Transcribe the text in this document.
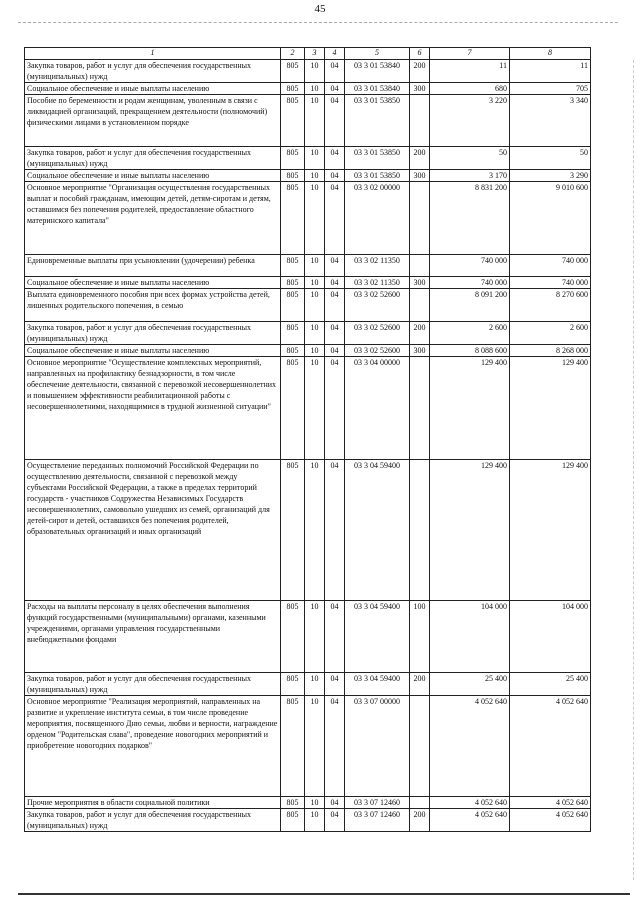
45
1	2	3	4	5	6	7	8
Закупка товаров, работ и услуг для обеспечения государственных (муниципальных) нужд	805	10	04	03 3 01 53840	200	11	11
Социальное обеспечение и иные выплаты населению	805	10	04	03 3 01 53840	300	680	705
Пособие по беременности и родам женщинам, уволенным в связи с ликвидацией организаций, прекращением деятельности (полномочий) физическими лицами в установленном порядке	805	10	04	03 3 01 53850		3 220	3 340
Закупка товаров, работ и услуг для обеспечения государственных (муниципальных) нужд	805	10	04	03 3 01 53850	200	50	50
Социальное обеспечение и иные выплаты населению	805	10	04	03 3 01 53850	300	3 170	3 290
Основное мероприятие "Организация осуществления государственных выплат и пособий гражданам, имеющим детей, детям-сиротам и детям, оставшимся без попечения родителей, предоставление областного материнского капитала"	805	10	04	03 3 02 00000		8 831 200	9 010 600
Единовременные выплаты при усыновлении (удочерении) ребенка	805	10	04	03 3 02 11350		740 000	740 000
Социальное обеспечение и иные выплаты населению	805	10	04	03 3 02 11350	300	740 000	740 000
Выплата единовременного пособия при всех формах устройства детей, лишенных родительского попечения, в семью	805	10	04	03 3 02 52600		8 091 200	8 270 600
Закупка товаров, работ и услуг для обеспечения государственных (муниципальных) нужд	805	10	04	03 3 02 52600	200	2 600	2 600
Социальное обеспечение и иные выплаты населению	805	10	04	03 3 02 52600	300	8 088 600	8 268 000
Основное мероприятие "Осуществление комплексных мероприятий, направленных на профилактику безнадзорности, в том числе обеспечение деятельности, связанной с перевозкой несовершеннолетних и повышением эффективности реабилитационной работы с несовершеннолетними, находящимися в трудной жизненной ситуации"	805	10	04	03 3 04 00000		129 400	129 400
Осуществление переданных полномочий Российской Федерации по осуществлению деятельности, связанной с перевозкой между субъектами Российской Федерации, а также в пределах территорий государств - участников Содружества Независимых Государств несовершеннолетних, самовольно ушедших из семей, организаций для детей-сирот и детей, оставшихся без попечения родителей, образовательных организаций и иных организаций	805	10	04	03 3 04 59400		129 400	129 400
Расходы на выплаты персоналу в целях обеспечения выполнения функций государственными (муниципальными) органами, казенными учреждениями, органами управления государственными внебюджетными фондами	805	10	04	03 3 04 59400	100	104 000	104 000
Закупка товаров, работ и услуг для обеспечения государственных (муниципальных) нужд	805	10	04	03 3 04 59400	200	25 400	25 400
Основное мероприятие "Реализация мероприятий, направленных на развитие и укрепление института семьи, в том числе проведение мероприятия, посвященного Дню семьи, любви и верности, награждение орденом "Родительская слава", проведение новогодних мероприятий и приобретение новогодних подарков"	805	10	04	03 3 07 00000		4 052 640	4 052 640
Прочие мероприятия в области социальной политики	805	10	04	03 3 07 12460		4 052 640	4 052 640
Закупка товаров, работ и услуг для обеспечения государственных (муниципальных) нужд	805	10	04	03 3 07 12460	200	4 052 640	4 052 640
